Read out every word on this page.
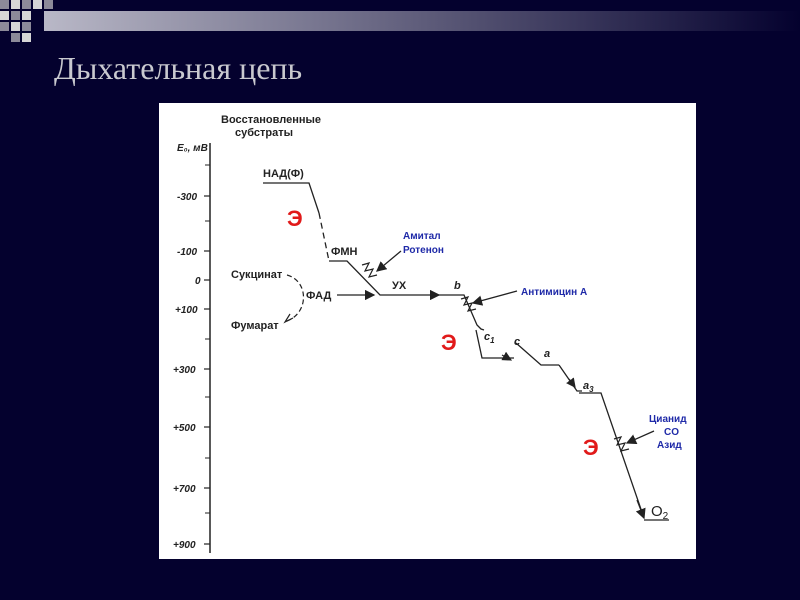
Дыхательная цепь
Восстановленные
субстраты
E₀, мВ
-300
-100
0
+100
+300
+500
+700
+900
НАД(Ф)
ФМН
ФАД
УХ	b
$c_1$ c
a
$a_3$
$O_2$
Сукцинат
Фумарат
Амитал
Ротенон
Антимицин А
Цианид
CO
Азид
Э
Э
Э
